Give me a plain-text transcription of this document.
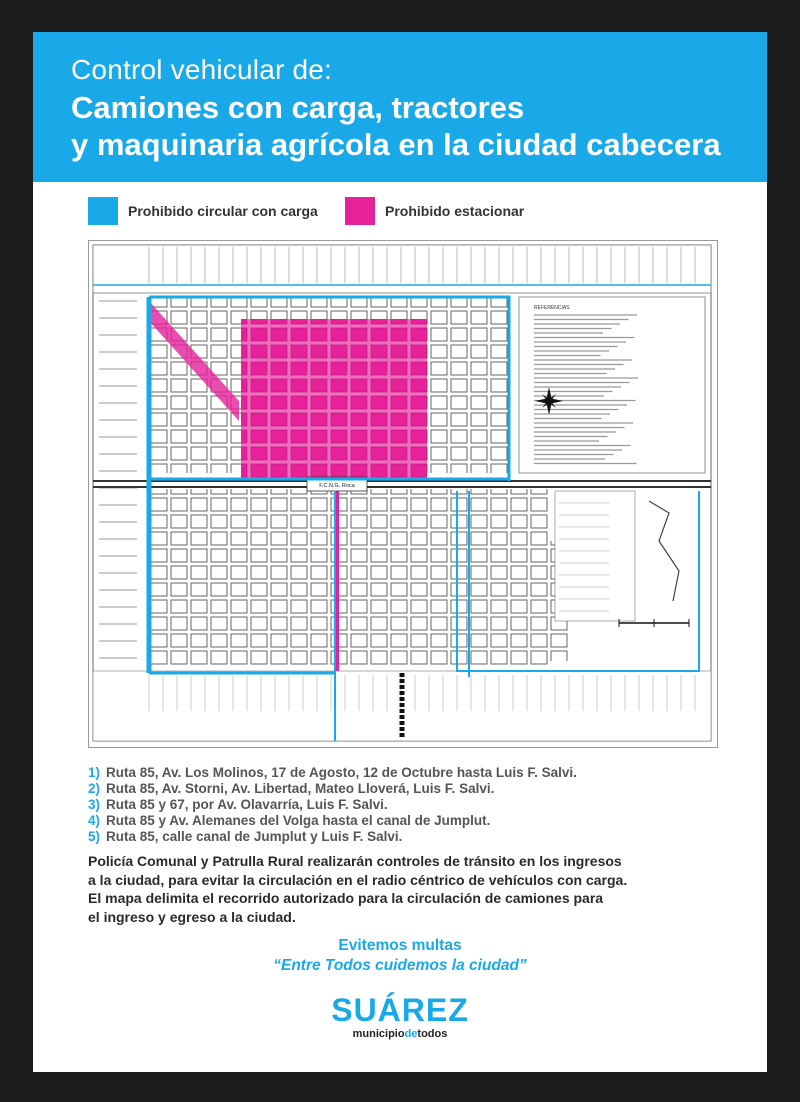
Control vehicular de:
Camiones con carga, tractores
y maquinaria agrícola en la ciudad cabecera
Prohibido circular con carga	Prohibido estacionar
F.C.N.G. Roca
REFERENCIAS
1) Ruta 85, Av. Los Molinos, 17 de Agosto, 12 de Octubre hasta Luis F. Salvi.
2) Ruta 85, Av. Storni, Av. Libertad, Mateo Lloverá, Luis F. Salvi.
3) Ruta 85 y 67, por Av. Olavarría, Luis F. Salvi.
4) Ruta 85 y Av. Alemanes del Volga hasta el canal de Jumplut.
5) Ruta 85, calle canal de Jumplut y Luis F. Salvi.
Policía Comunal y Patrulla Rural realizarán controles de tránsito en los ingresos
a la ciudad, para evitar la circulación en el radio céntrico de vehículos con carga.
El mapa delimita el recorrido autorizado para la circulación de camiones para
el ingreso y egreso a la ciudad.
Evitemos multas
“Entre Todos cuidemos la ciudad”
SUÁREZ
municipiodetodos
